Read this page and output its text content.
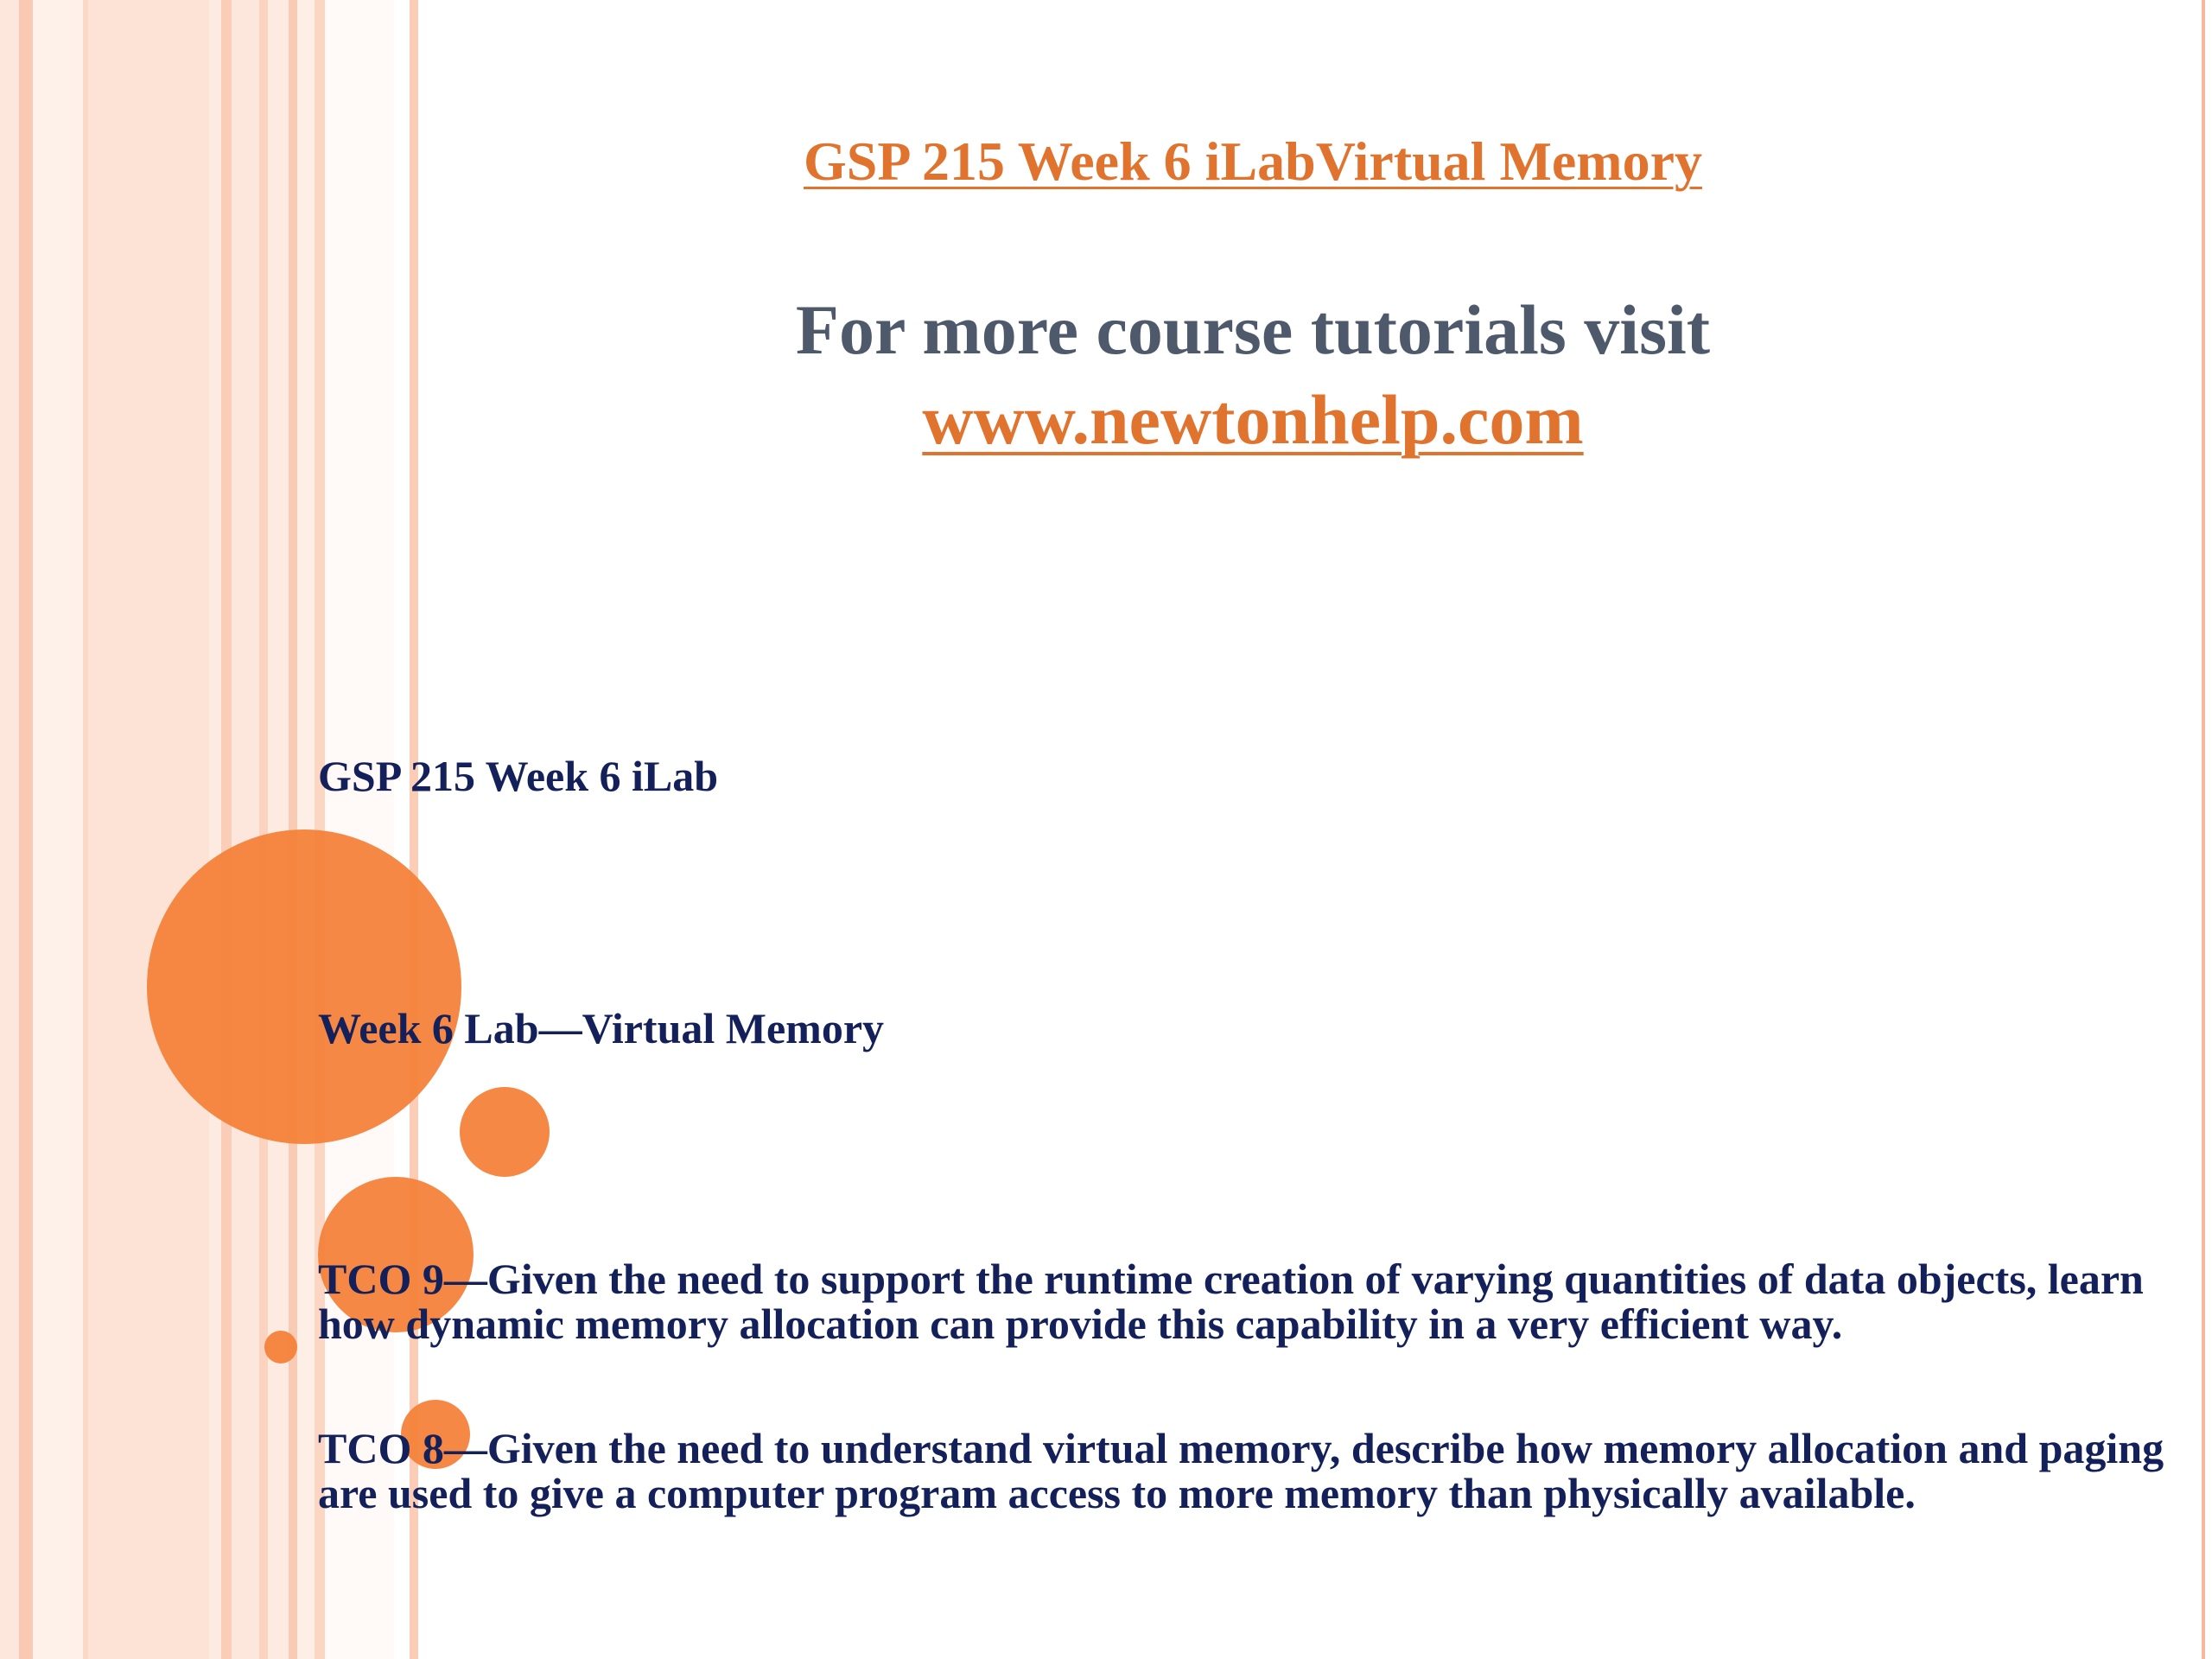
GSP 215 Week 6 iLabVirtual Memory
For more course tutorials visit
www.newtonhelp.com
GSP 215 Week 6 iLab
Week 6 Lab—Virtual Memory
TCO 9—Given the need to support the runtime creation of varying quantities of data objects, learn how dynamic memory allocation can provide this capability in a very efficient way.
TCO 8—Given the need to understand virtual memory, describe how memory allocation and paging are used to give a computer program access to more memory than physically available.
